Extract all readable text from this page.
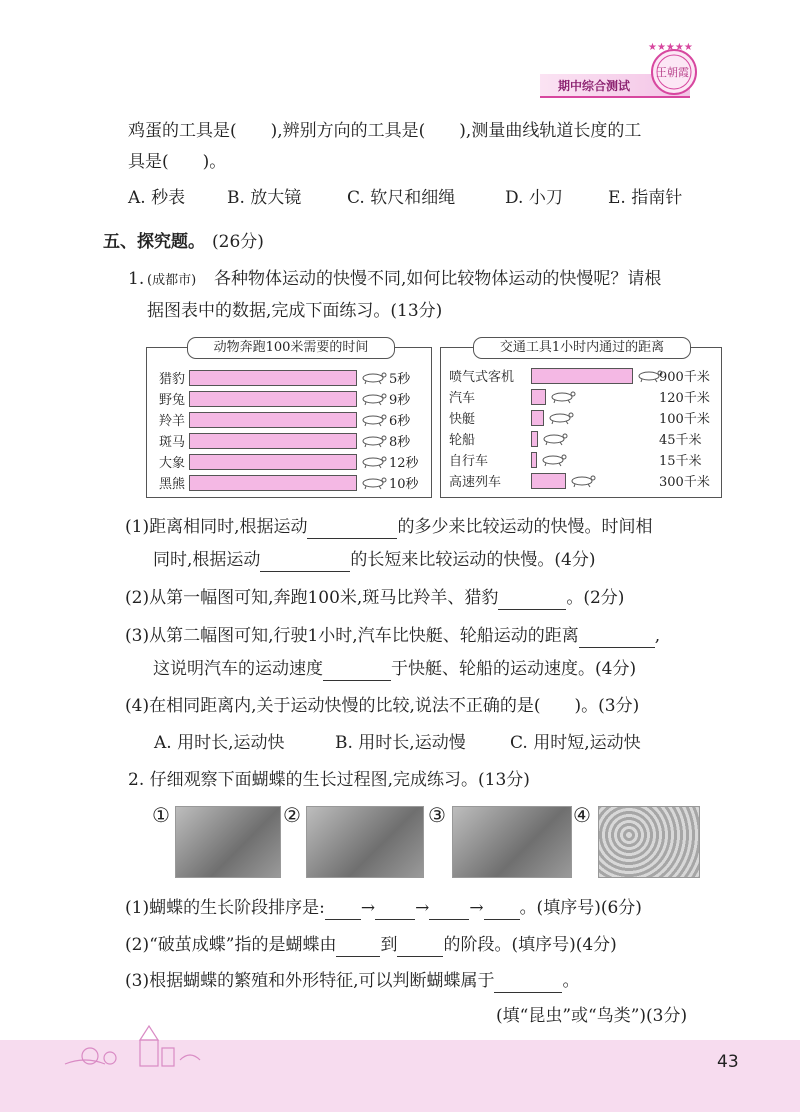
期中综合测试
★★★★★
王朝霞
鸡蛋的工具是(　　),辨别方向的工具是(　　),测量曲线轨道长度的工
具是(　　)。
A. 秒表 B. 放大镜	C. 软尺和细绳	D. 小刀	E. 指南针
五、探究题。 (26分)
1. (成都市) 各种物体运动的快慢不同,如何比较物体运动的快慢呢？请根
据图表中的数据,完成下面练习。(13分)
动物奔跑100米需要的时间
猎豹	5秒
野兔	9秒
羚羊	6秒
斑马	8秒
大象	12秒
黑熊	10秒
交通工具1小时内通过的距离
喷气式客机	900千米
汽车	120千米
快艇	100千米
轮船	45千米
自行车	15千米
高速列车	300千米
(1)距离相同时,根据运动	的多少来比较运动的快慢。时间相
同时,根据运动	的长短来比较运动的快慢。(4分)
(2)从第一幅图可知,奔跑100米,斑马比羚羊、猎豹	。(2分)
(3)从第二幅图可知,行驶1小时,汽车比快艇、轮船运动的距离	,
这说明汽车的运动速度	于快艇、轮船的运动速度。(4分)
(4)在相同距离内,关于运动快慢的比较,说法不正确的是(　　)。(3分)
A. 用时长,运动快	B. 用时长,运动慢	C. 用时短,运动快
2. 仔细观察下面蝴蝶的生长过程图,完成练习。(13分)
①	②	③	④
(1)蝴蝶的生长阶段排序是: → → → 。(填序号)(6分)
(2)“破茧成蝶”指的是蝴蝶由	到	的阶段。(填序号)(4分)
(3)根据蝴蝶的繁殖和外形特征,可以判断蝴蝶属于	。
(填“昆虫”或“鸟类”)(3分)
43
